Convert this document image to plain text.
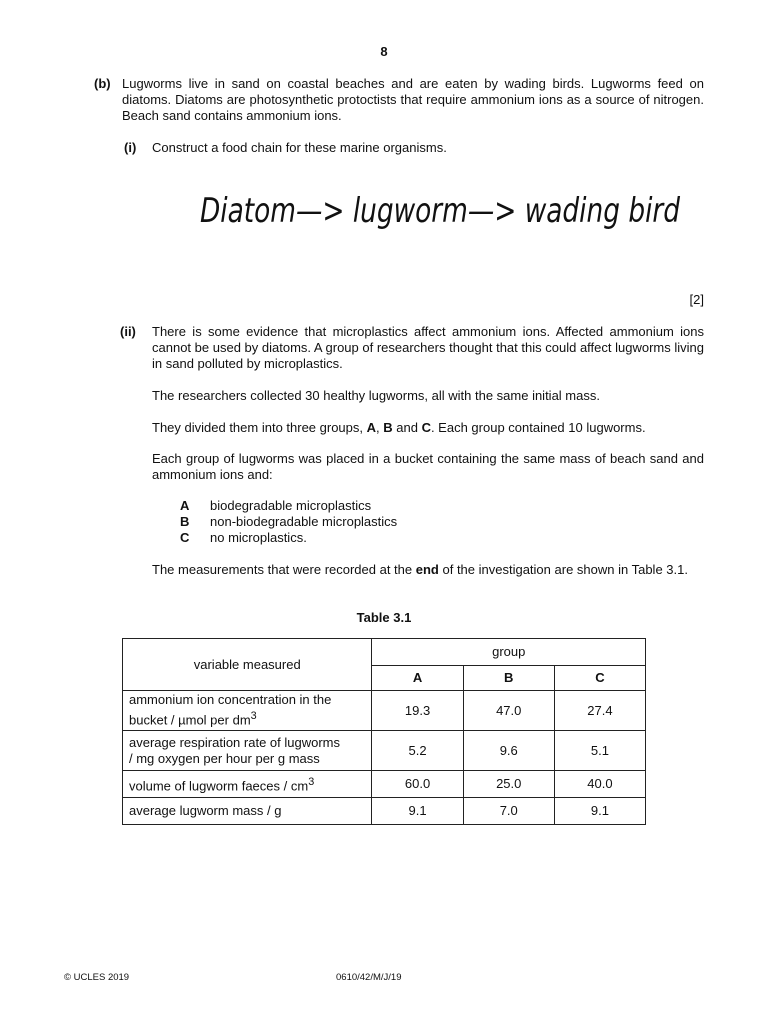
8
(b) Lugworms live in sand on coastal beaches and are eaten by wading birds. Lugworms feed on diatoms. Diatoms are photosynthetic protoctists that require ammonium ions as a source of nitrogen. Beach sand contains ammonium ions.
(i) Construct a food chain for these marine organisms.
Diatom—> lugworm—> wading bird
[2]
(ii) There is some evidence that microplastics affect ammonium ions. Affected ammonium ions cannot be used by diatoms. A group of researchers thought that this could affect lugworms living in sand polluted by microplastics.
The researchers collected 30 healthy lugworms, all with the same initial mass.
They divided them into three groups, A, B and C. Each group contained 10 lugworms.
Each group of lugworms was placed in a bucket containing the same mass of beach sand and ammonium ions and:
A	biodegradable microplastics
B	non-biodegradable microplastics
C	no microplastics.
The measurements that were recorded at the end of the investigation are shown in Table 3.1.
Table 3.1
variable measured	group		
	A	B	C
ammonium ion concentration in the
bucket / µmol per $dm^3$	19.3	47.0	27.4
average respiration rate of lugworms
/ mg oxygen per hour per g mass	5.2	9.6	5.1
volume of lugworm faeces / $cm^3$	60.0	25.0	40.0
average lugworm mass / g	9.1	7.0	9.1
© UCLES 2019	0610/42/M/J/19
